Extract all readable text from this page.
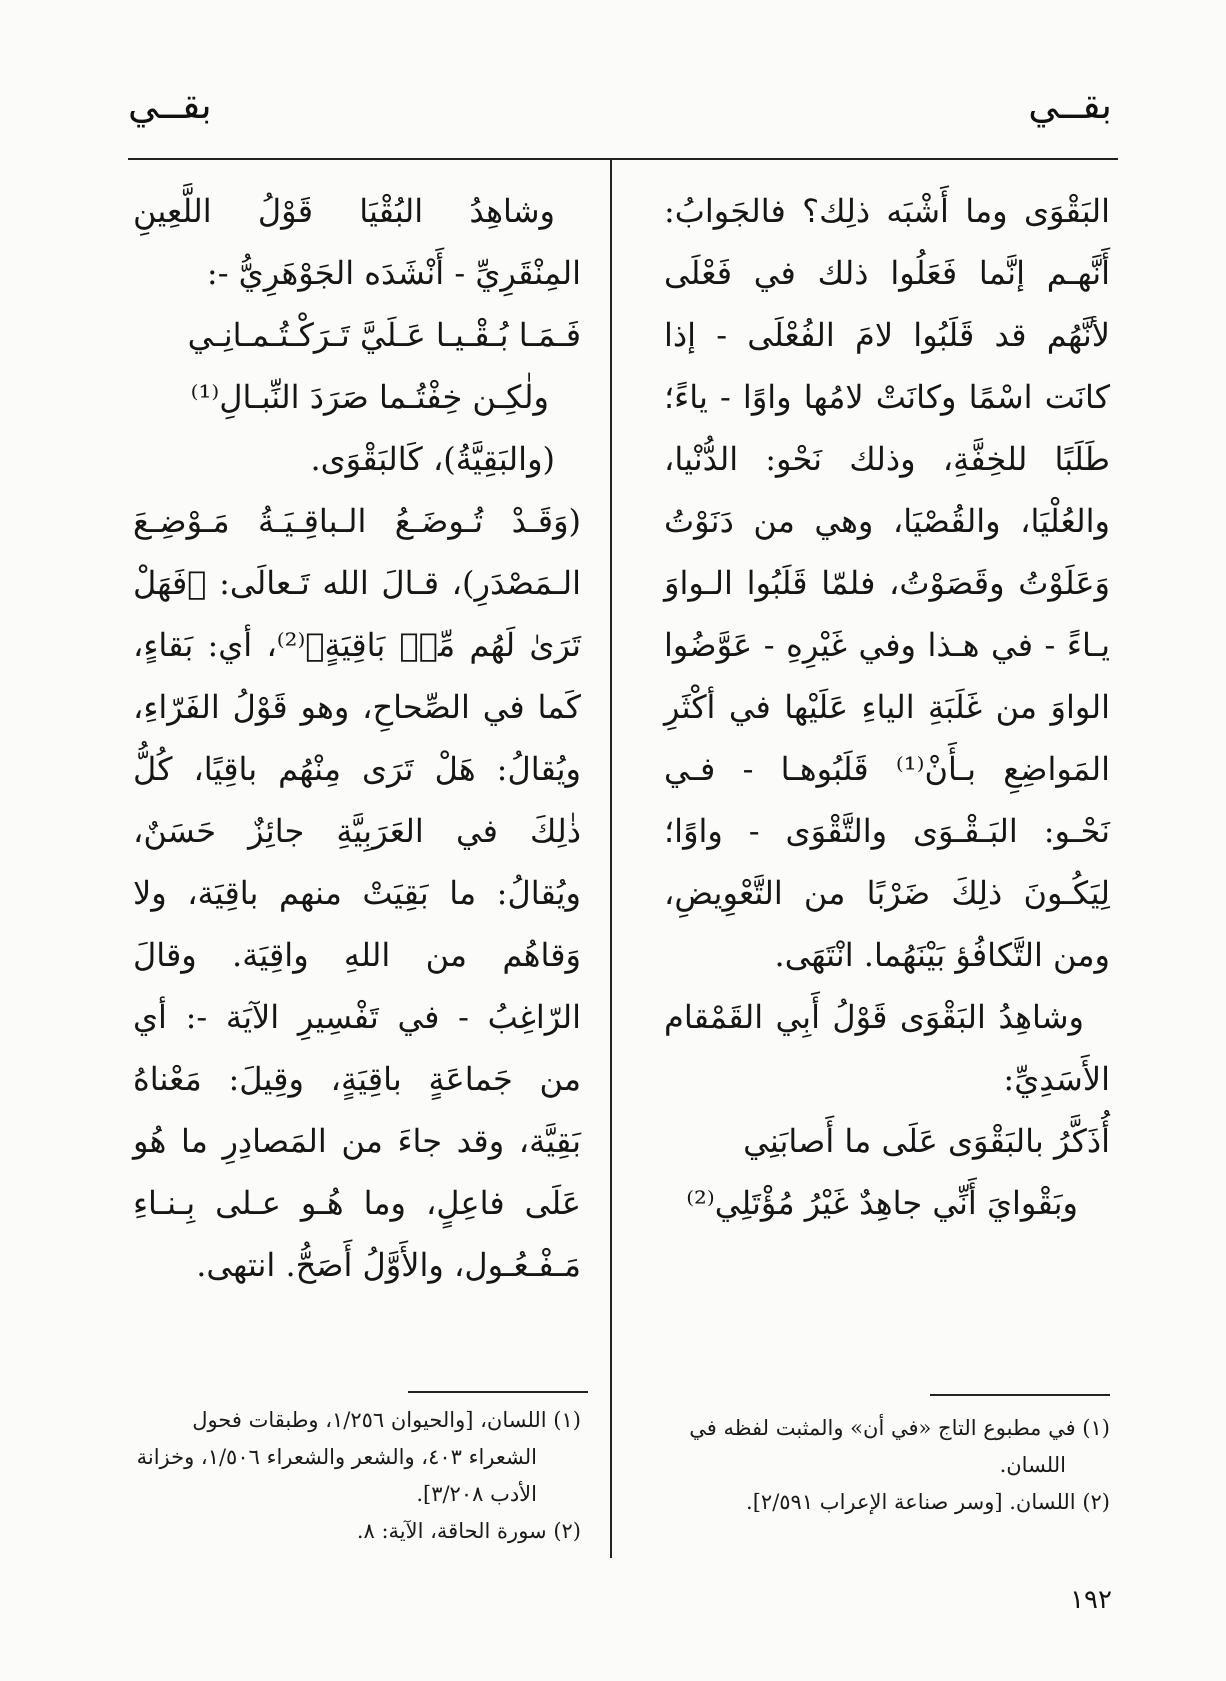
بقــي
بقــي

البَقْوَى وما أَشْبَه ذلِك؟ فالجَوابُ: أَنَّهـم إنَّما فَعَلُوا ذلك في فَعْلَى لأنَّهُم قد قَلَبُوا لامَ الفُعْلَى - إذا كانَت اسْمًا وكانَتْ لامُها واوًا - ياءً؛ طَلَبًا للخِفَّةِ، وذلك نَحْو: الدُّنْيا، والعُلْيَا، والقُصْيَا، وهي من دَنَوْتُ وَعَلَوْتُ وقَصَوْتُ، فلمّا قَلَبُوا الـواوَ يـاءً - في هـذا وفي غَيْرِهِ - عَوَّضُوا الواوَ من غَلَبَةِ الياءِ عَلَيْها في أكْثَرِ المَواضِعِ بـأَنْ⁽¹⁾ قَلَبُوهـا - فـي نَحْـو: البَـقْـوَى والتَّقْوَى - واوًا؛ لِيَكُـونَ ذلِكَ ضَرْبًا من التَّعْوِيضِ، ومن التَّكافُؤ بَيْنَهُما. انْتَهَى.

وشاهِدُ البَقْوَى قَوْلُ أَبِي القَمْقام الأَسَدِيِّ:

أُذَكَّرُ بالبَقْوَى عَلَى ما أَصابَنِي
وبَقْوايَ أَنِّي جاهِدٌ غَيْرُ مُؤْتَلِي⁽²⁾

وشاهِدُ البُقْيَا قَوْلُ اللَّعِينِ المِنْقَرِيِّ - أَنْشَدَه الجَوْهَرِيُّ -:

فَـمَـا بُـقْـيـا عَـلَيَّ تَـرَكْـتُـمـانِـي
ولٰكِـن خِفْتُـما صَرَدَ النِّبـالِ⁽¹⁾

(والبَقِيَّةُ)، كَالبَقْوَى.

(وَقَـدْ تُـوضَـعُ الـباقِـيَـةُ مَـوْضِـعَ الـمَصْدَرِ)، قـالَ الله تَـعالَى: ﴿فَهَلْ تَرَىٰ لَهُم مِّنۢ بَاقِيَةٍ﴾⁽²⁾، أي: بَقاءٍ، كَما في الصِّحاحِ، وهو قَوْلُ الفَرّاءِ، ويُقالُ: هَلْ تَرَى مِنْهُم باقِيًا، كُلُّ ذٰلِكَ في العَرَبِيَّةِ جائِزٌ حَسَنٌ، ويُقالُ: ما بَقِيَتْ منهم باقِيَة، ولا وَقاهُم من اللهِ واقِيَة. وقالَ الرّاغِبُ - في تَفْسِيرِ الآيَة -: أي من جَماعَةٍ باقِيَةٍ، وقِيلَ: مَعْناهُ بَقِيَّة، وقد جاءَ من المَصادِرِ ما هُو عَلَى فاعِلٍ، وما هُـو عـلى بِـنـاءِ مَـفْـعُـول، والأَوَّلُ أَصَحُّ. انتهى.

(١) في مطبوع التاج «في أن» والمثبت لفظه في
اللسان.
(٢) اللسان. [وسر صناعة الإعراب ٢/٥٩١].
(١) اللسان، [والحيوان ١/٢٥٦، وطبقات فحول
الشعراء ٤٠٣، والشعر والشعراء ١/٥٠٦، وخزانة الأدب ٣/٢٠٨].
(٢) سورة الحاقة، الآية: ٨.
١٩٢
